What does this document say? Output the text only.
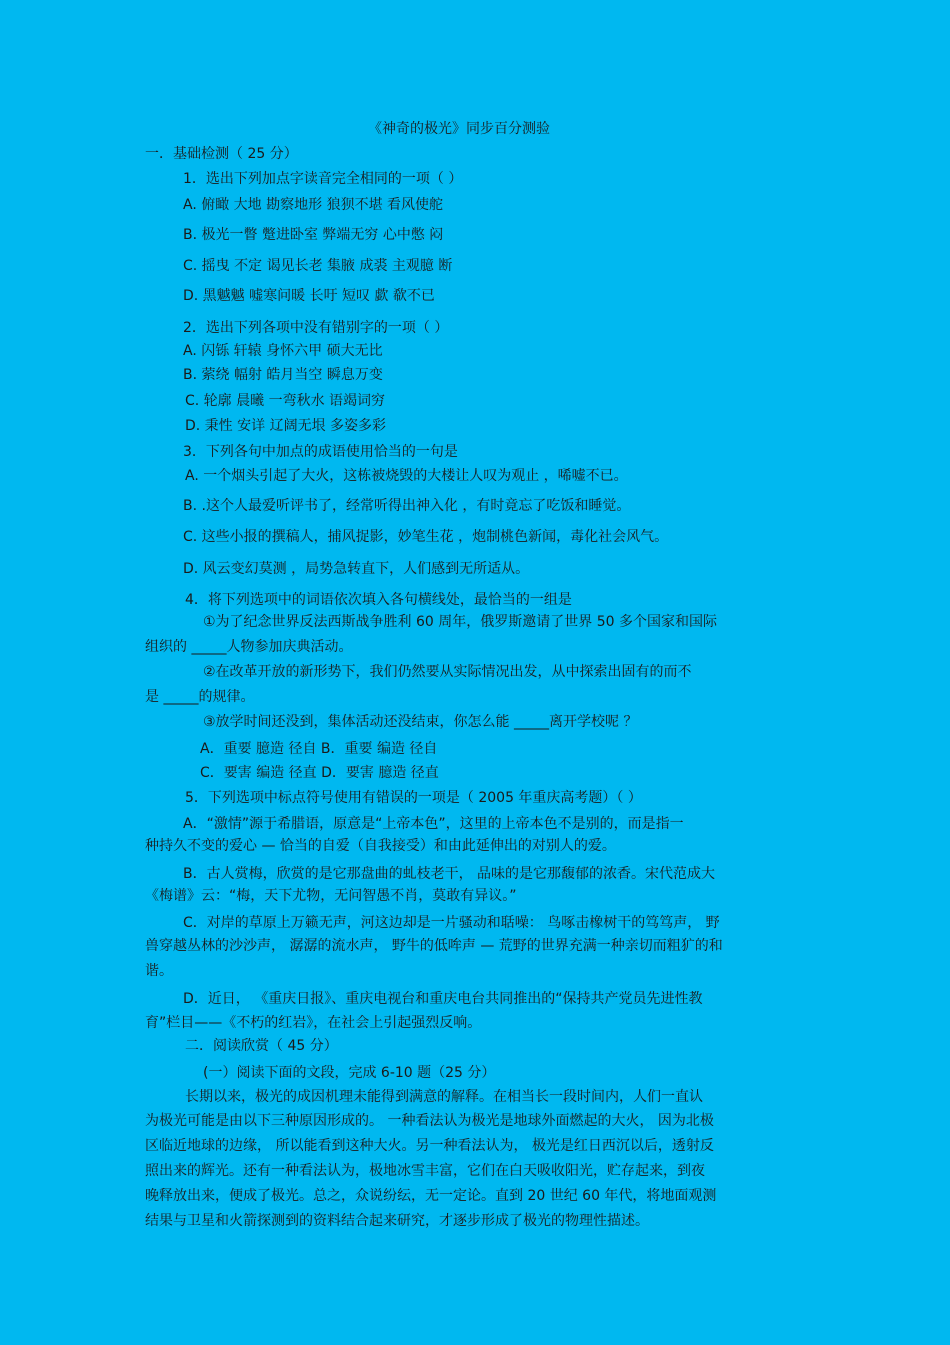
《神奇的极光》同步百分测验
一．基础检测（ 25 分）
1．选出下列加点字读音完全相同的一项（ ）
A. 俯瞰 大地 勘察地形 狼狈不堪 看风使舵
B. 极光一瞥 蹩进卧室 弊端无穷 心中憋 闷
C. 摇曳 不定 谒见长老 集腋 成裘 主观臆 断
D. 黑魆魆 嘘寒问暖 长吁 短叹 歔 欷不已
2．选出下列各项中没有错别字的一项（ ）
A. 闪铄 轩辕 身怀六甲 硕大无比
B. 萦绕 幅射 皓月当空 瞬息万变
C. 轮廓 晨曦 一弯秋水 语竭词穷
D. 秉性 安详 辽阔无垠 多姿多彩
3．下列各句中加点的成语使用恰当的一句是
A. 一个烟头引起了大火，这栋被烧毁的大楼让人叹为观止 ，唏嘘不已。
B. .这个人最爱听评书了，经常听得出神入化 ，有时竟忘了吃饭和睡觉。
C. 这些小报的撰稿人，捕风捉影，妙笔生花 ，炮制桃色新闻，毒化社会风气。
D. 风云变幻莫测 ，局势急转直下，人们感到无所适从。
4．将下列选项中的词语依次填入各句横线处，最恰当的一组是
①为了纪念世界反法西斯战争胜利 60 周年，俄罗斯邀请了世界 50 多个国家和国际
组织的 _____人物参加庆典活动。
②在改革开放的新形势下，我们仍然要从实际情况出发，从中探索出固有的而不
是 _____的规律。
③放学时间还没到，集体活动还没结束，你怎么能 _____离开学校呢 ？
A．重要 臆造 径自 B．重要 编造 径自
C．要害 编造 径直 D．要害 臆造 径直
5．下列选项中标点符号使用有错误的一项是（ 2005 年重庆高考题）（ ）
A．“激情”源于希腊语，原意是“上帝本色”，这里的上帝本色不是别的，而是指一
种持久不变的爱心 — 恰当的自爱（自我接受）和由此延伸出的对别人的爱。
B．古人赏梅，欣赏的是它那盘曲的虬枝老干， 品味的是它那馥郁的浓香。宋代范成大
《梅谱》云：“梅，天下尤物，无问智愚不肖，莫敢有异议。”
C．对岸的草原上万籁无声，河这边却是一片骚动和聒噪： 鸟啄击橡树干的笃笃声， 野
兽穿越丛林的沙沙声， 潺潺的流水声， 野牛的低哞声 — 荒野的世界充满一种亲切而粗犷的和
谐。
D．近日， 《重庆日报》、重庆电视台和重庆电台共同推出的“保持共产党员先进性教
育”栏目——《不朽的红岩》，在社会上引起强烈反响。
二．阅读欣赏（ 45 分）
(一）阅读下面的文段，完成 6-10 题（25 分）
长期以来，极光的成因机理未能得到满意的解释。在相当长一段时间内，人们一直认
为极光可能是由以下三种原因形成的。 一种看法认为极光是地球外面燃起的大火， 因为北极
区临近地球的边缘， 所以能看到这种大火。另一种看法认为， 极光是红日西沉以后，透射反
照出来的辉光。还有一种看法认为，极地冰雪丰富，它们在白天吸收阳光，贮存起来，到夜
晚释放出来，便成了极光。总之，众说纷纭，无一定论。直到 20 世纪 60 年代，将地面观测
结果与卫星和火箭探测到的资料结合起来研究，才逐步形成了极光的物理性描述。
